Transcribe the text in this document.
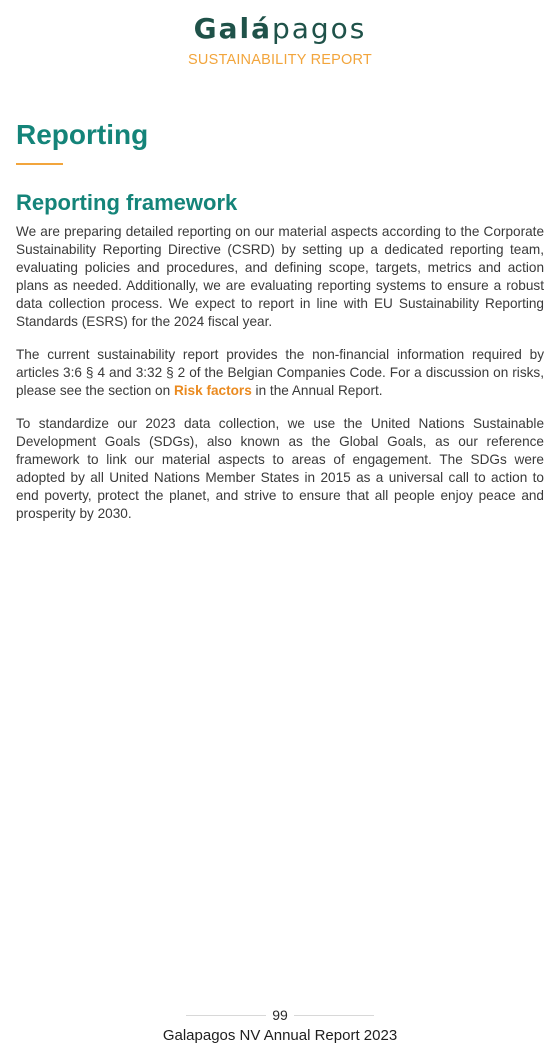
Galápagos
SUSTAINABILITY REPORT
Reporting
Reporting framework

We are preparing detailed reporting on our material aspects according to the Corporate Sustainability Reporting Directive (CSRD) by setting up a dedicated reporting team, evaluating policies and procedures, and defining scope, targets, metrics and action plans as needed. Additionally, we are evaluating reporting systems to ensure a robust data collection process. We expect to report in line with EU Sustainability Reporting Standards (ESRS) for the 2024 fiscal year.

The current sustainability report provides the non-financial information required by articles 3:6 § 4 and 3:32 § 2 of the Belgian Companies Code. For a discussion on risks, please see the section on Risk factors in the Annual Report.

To standardize our 2023 data collection, we use the United Nations Sustainable Development Goals (SDGs), also known as the Global Goals, as our reference framework to link our material aspects to areas of engagement. The SDGs were adopted by all United Nations Member States in 2015 as a universal call to action to end poverty, protect the planet, and strive to ensure that all people enjoy peace and prosperity by 2030.

99
Galapagos NV Annual Report 2023
